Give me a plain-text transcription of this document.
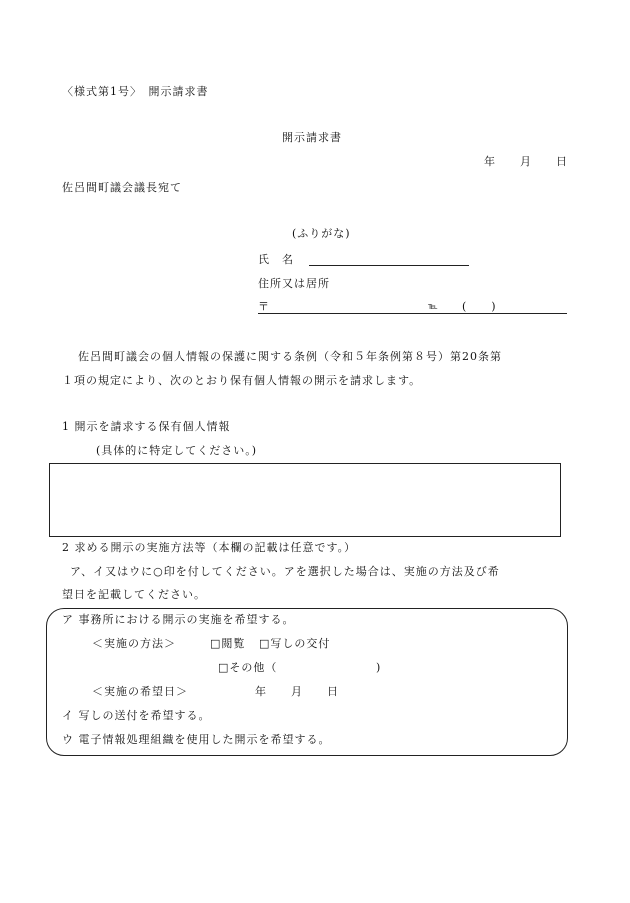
〈様式第1号〉　開示請求書
開示請求書
年　　月　　日
佐呂間町議会議長宛て
(ふりがな)
氏　名
住所又は居所
〒	℡ (　　)
佐呂間町議会の個人情報の保護に関する条例（令和５年条例第８号）第20条第
１項の規定により、次のとおり保有個人情報の開示を請求します。
1 開示を請求する保有個人情報
(具体的に特定してください。)
2 求める開示の実施方法等（本欄の記載は任意です。）
ア、イ又はウに○印を付してください。アを選択した場合は、実施の方法及び希
望日を記載してください。
ア 事務所における開示の実施を希望する。
＜実施の方法＞	□閲覧 □写しの交付
□その他（	)
＜実施の希望日＞	年　　月　　日
イ 写しの送付を希望する。
ウ 電子情報処理組織を使用した開示を希望する。
